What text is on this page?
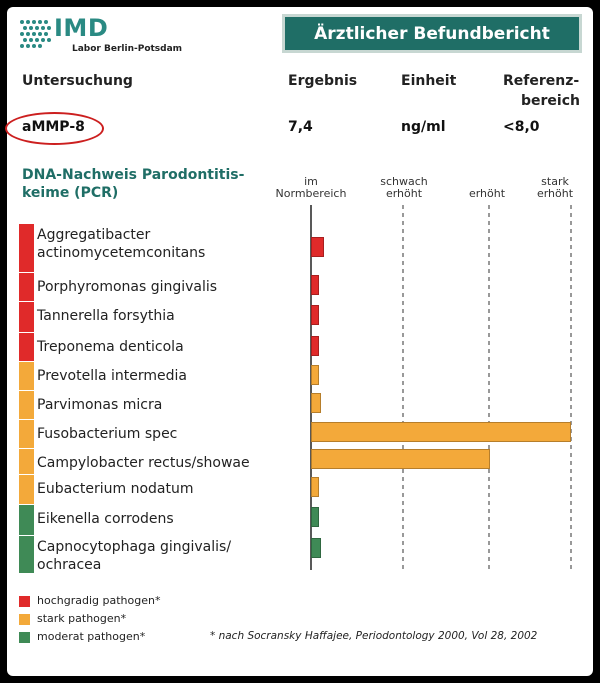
IMD
Labor Berlin-Potsdam
Ärztlicher Befundbericht
Untersuchung	Ergebnis	Einheit	Referenz-
bereich
aMMP-8	7,4	ng/ml	<8,0
DNA-Nachweis Parodontitis-
keime (PCR)
im
Normbereich
schwach
erhöht
	erhöht
stark
erhöht
Aggregatibacter
actinomycetemconitans
Porphyromonas gingivalis
Tannerella forsythia
Treponema denticola
Prevotella intermedia
Parvimonas micra
Fusobacterium spec
Campylobacter rectus/showae
Eubacterium nodatum
Eikenella corrodens
Capnocytophaga gingivalis/
ochracea
hochgradig pathogen*
stark pathogen*
moderat pathogen*	* nach Socransky Haffajee, Periodontology 2000, Vol 28, 2002
